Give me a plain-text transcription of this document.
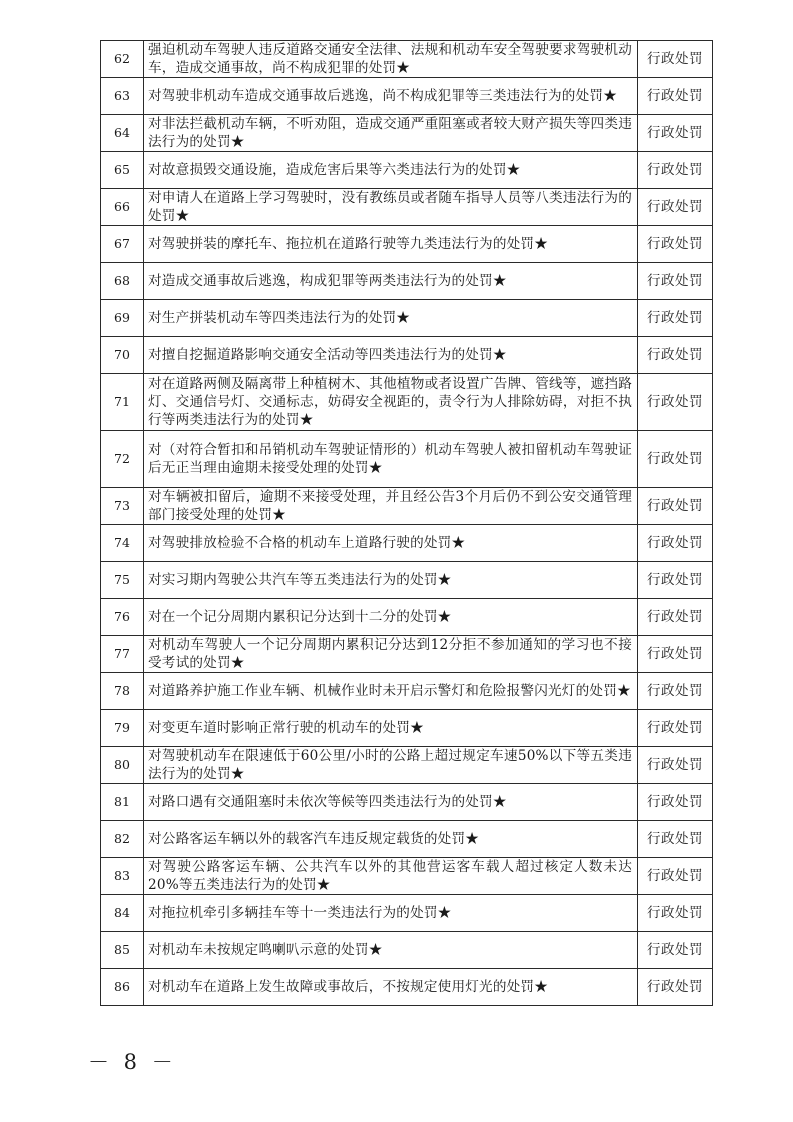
62	强迫机动车驾驶人违反道路交通安全法律、法规和机动车安全驾驶要求驾驶机动车，造成交通事故，尚不构成犯罪的处罚★	行政处罚
63	对驾驶非机动车造成交通事故后逃逸，尚不构成犯罪等三类违法行为的处罚★	行政处罚
64	对非法拦截机动车辆，不听劝阻，造成交通严重阻塞或者较大财产损失等四类违法行为的处罚★	行政处罚
65	对故意损毁交通设施，造成危害后果等六类违法行为的处罚★	行政处罚
66	对申请人在道路上学习驾驶时，没有教练员或者随车指导人员等八类违法行为的处罚★	行政处罚
67	对驾驶拼装的摩托车、拖拉机在道路行驶等九类违法行为的处罚★	行政处罚
68	对造成交通事故后逃逸，构成犯罪等两类违法行为的处罚★	行政处罚
69	对生产拼装机动车等四类违法行为的处罚★	行政处罚
70	对擅自挖掘道路影响交通安全活动等四类违法行为的处罚★	行政处罚
71	对在道路两侧及隔离带上种植树木、其他植物或者设置广告牌、管线等，遮挡路灯、交通信号灯、交通标志，妨碍安全视距的，责令行为人排除妨碍，对拒不执行等两类违法行为的处罚★	行政处罚
72	对（对符合暂扣和吊销机动车驾驶证情形的）机动车驾驶人被扣留机动车驾驶证后无正当理由逾期未接受处理的处罚★	行政处罚
73	对车辆被扣留后，逾期不来接受处理，并且经公告3个月后仍不到公安交通管理部门接受处理的处罚★	行政处罚
74	对驾驶排放检验不合格的机动车上道路行驶的处罚★	行政处罚
75	对实习期内驾驶公共汽车等五类违法行为的处罚★	行政处罚
76	对在一个记分周期内累积记分达到十二分的处罚★	行政处罚
77	对机动车驾驶人一个记分周期内累积记分达到12分拒不参加通知的学习也不接受考试的处罚★	行政处罚
78	对道路养护施工作业车辆、机械作业时未开启示警灯和危险报警闪光灯的处罚★	行政处罚
79	对变更车道时影响正常行驶的机动车的处罚★	行政处罚
80	对驾驶机动车在限速低于60公里/小时的公路上超过规定车速50%以下等五类违法行为的处罚★	行政处罚
81	对路口遇有交通阻塞时未依次等候等四类违法行为的处罚★	行政处罚
82	对公路客运车辆以外的载客汽车违反规定载货的处罚★	行政处罚
83	对驾驶公路客运车辆、公共汽车以外的其他营运客车载人超过核定人数未达20%等五类违法行为的处罚★	行政处罚
84	对拖拉机牵引多辆挂车等十一类违法行为的处罚★	行政处罚
85	对机动车未按规定鸣喇叭示意的处罚★	行政处罚
86	对机动车在道路上发生故障或事故后，不按规定使用灯光的处罚★	行政处罚
－ 8 －
